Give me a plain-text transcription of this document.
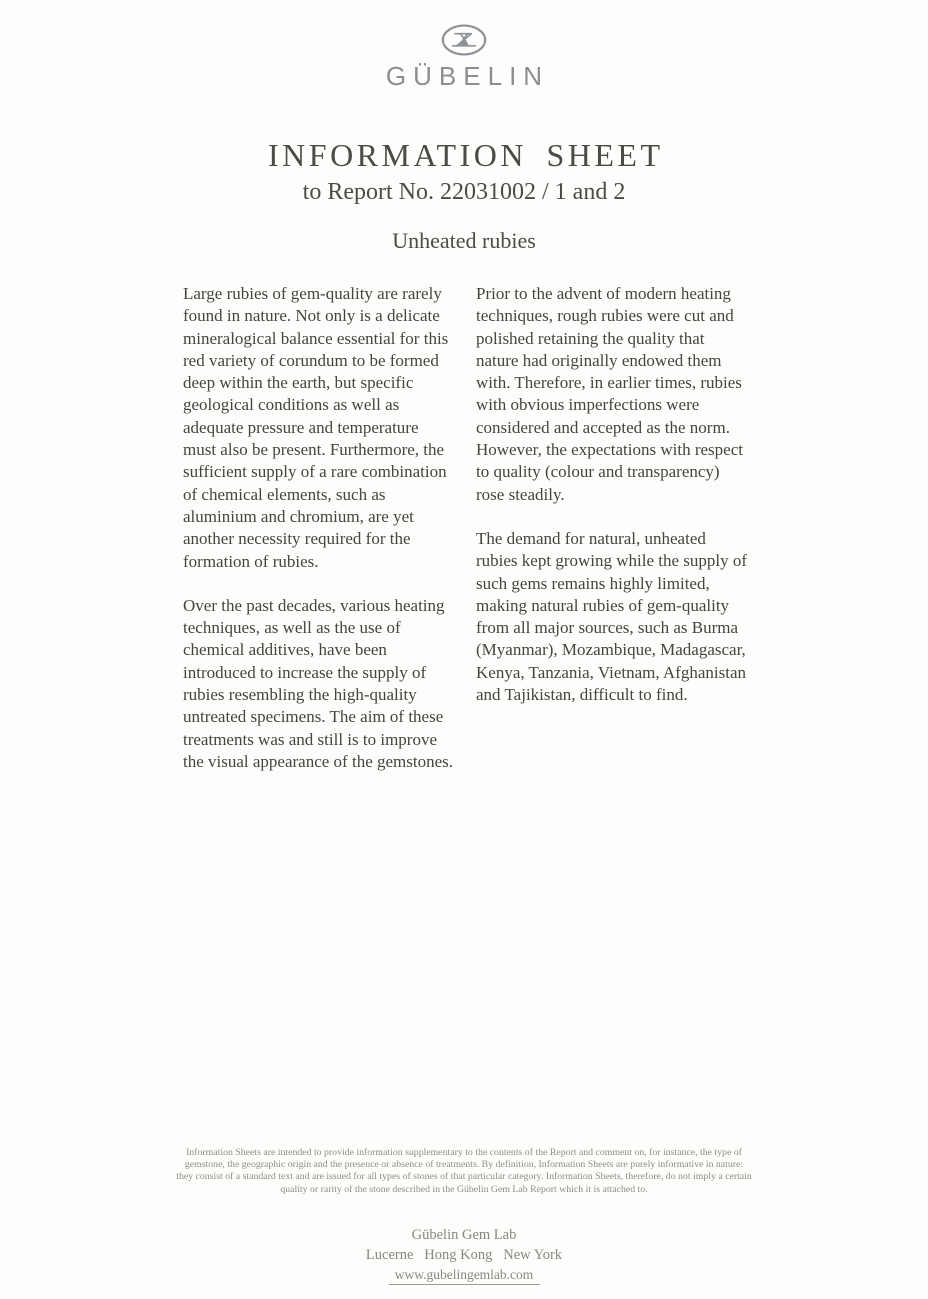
GÜBELIN
INFORMATION SHEET
to Report No. 22031002 / 1 and 2
Unheated rubies

Large rubies of gem-quality are rarely found in nature. Not only is a delicate mineralogical balance essential for this red variety of corundum to be formed deep within the earth, but specific geological conditions as well as adequate pressure and temperature must also be present. Furthermore, the sufficient supply of a rare combination of chemical elements, such as aluminium and chromium, are yet another necessity required for the formation of rubies.

Over the past decades, various heating techniques, as well as the use of chemical additives, have been introduced to increase the supply of rubies resembling the high-quality untreated specimens. The aim of these treatments was and still is to improve the visual appearance of the gemstones.

Prior to the advent of modern heating techniques, rough rubies were cut and polished retaining the quality that nature had originally endowed them with. Therefore, in earlier times, rubies with obvious imperfections were considered and accepted as the norm. However, the expectations with respect to quality (colour and transparency) rose steadily.

The demand for natural, unheated rubies kept growing while the supply of such gems remains highly limited, making natural rubies of gem-quality from all major sources, such as Burma (Myanmar), Mozambique, Madagascar, Kenya, Tanzania, Vietnam, Afghanistan and Tajikistan, difficult to find.

Information Sheets are intended to provide information supplementary to the contents of the Report and comment on, for instance, the type of gemstone, the geographic origin and the presence or absence of treatments. By definition, Information Sheets are purely informative in nature: they consist of a standard text and are issued for all types of stones of that particular category. Information Sheets, therefore, do not imply a certain quality or rarity of the stone described in the Gübelin Gem Lab Report which it is attached to.
Gübelin Gem Lab
Lucerne   Hong Kong   New York
www.gubelingemlab.com
